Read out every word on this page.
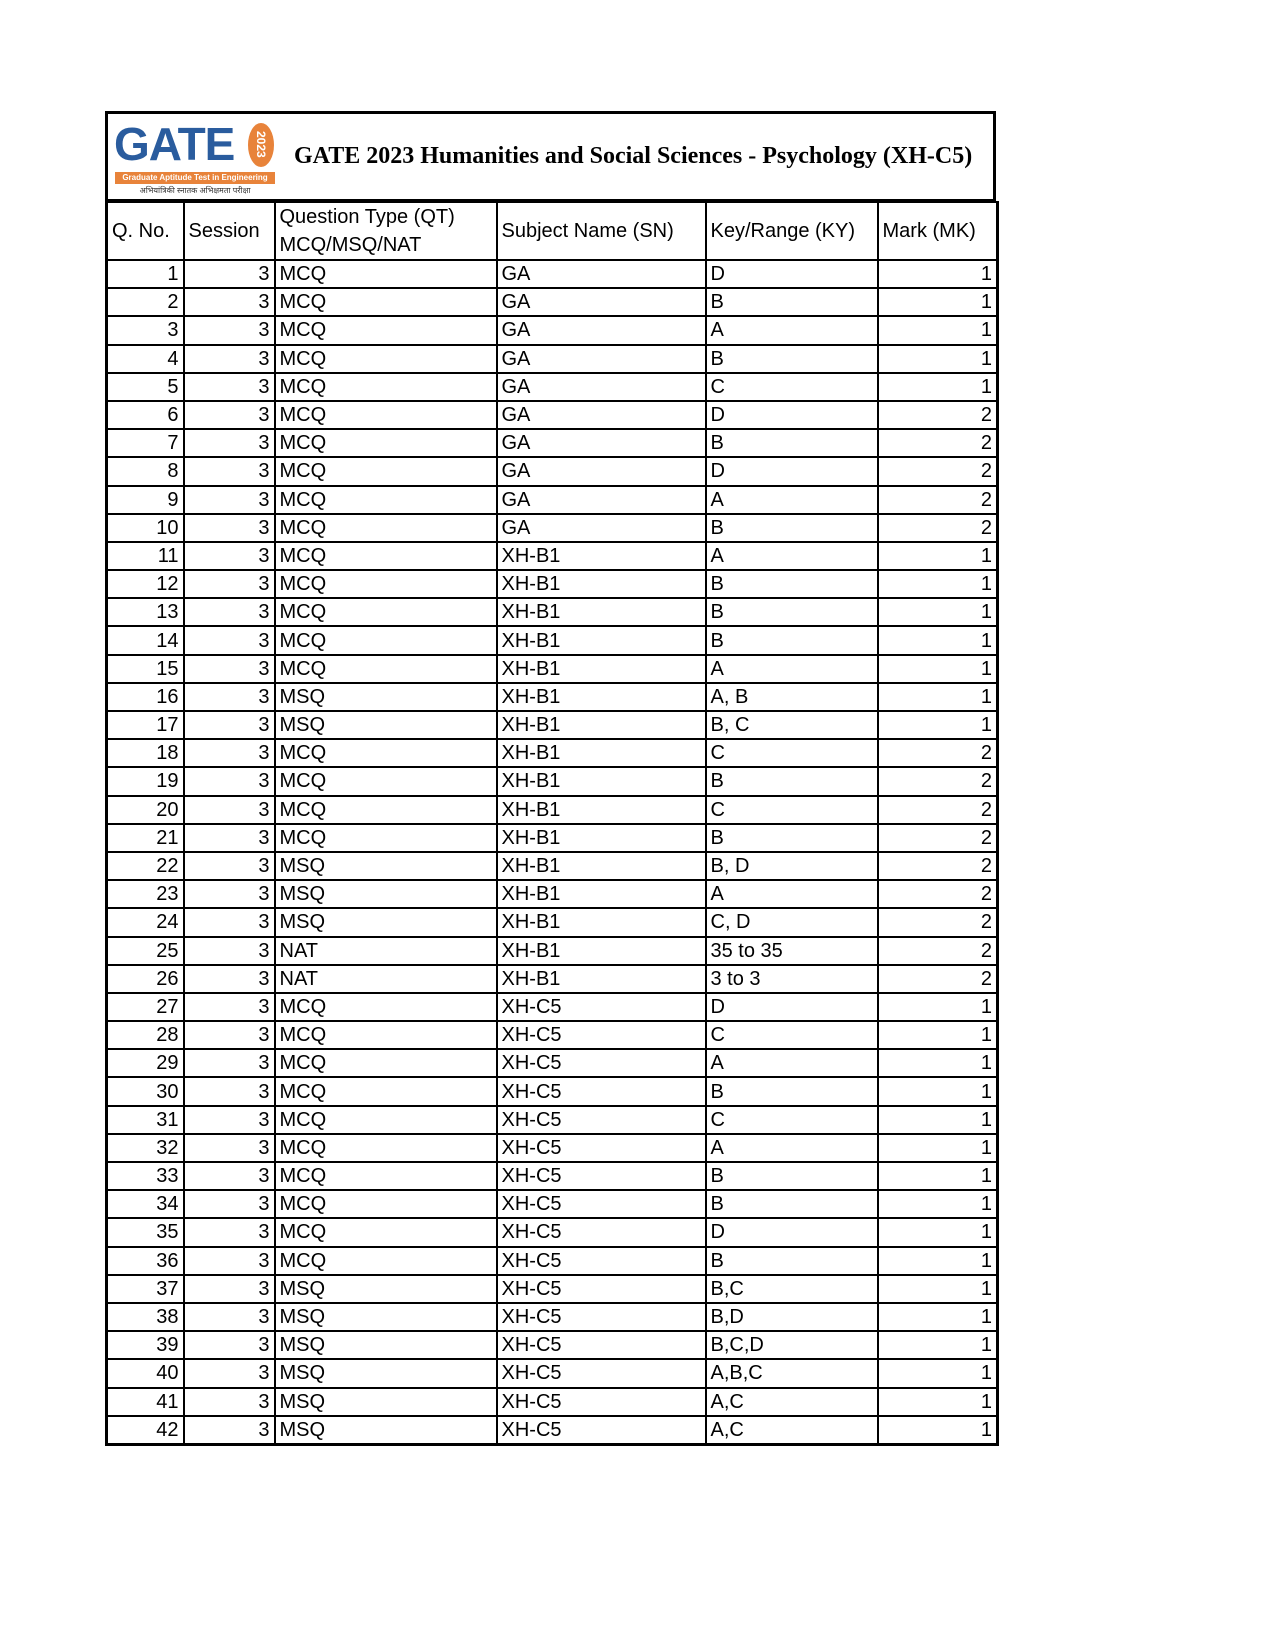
GATE	2023
Graduate Aptitude Test in Engineering
अभियांत्रिकी स्नातक अभिक्षमता परीक्षा
GATE 2023 Humanities and Social Sciences - Psychology (XH-C5)
Q. No.	Session	Question Type (QT) MCQ/MSQ/NAT	Subject Name (SN)	Key/Range (KY)	Mark (MK)
1	3	MCQ	GA	D	1
2	3	MCQ	GA	B	1
3	3	MCQ	GA	A	1
4	3	MCQ	GA	B	1
5	3	MCQ	GA	C	1
6	3	MCQ	GA	D	2
7	3	MCQ	GA	B	2
8	3	MCQ	GA	D	2
9	3	MCQ	GA	A	2
10	3	MCQ	GA	B	2
11	3	MCQ	XH-B1	A	1
12	3	MCQ	XH-B1	B	1
13	3	MCQ	XH-B1	B	1
14	3	MCQ	XH-B1	B	1
15	3	MCQ	XH-B1	A	1
16	3	MSQ	XH-B1	A, B	1
17	3	MSQ	XH-B1	B, C	1
18	3	MCQ	XH-B1	C	2
19	3	MCQ	XH-B1	B	2
20	3	MCQ	XH-B1	C	2
21	3	MCQ	XH-B1	B	2
22	3	MSQ	XH-B1	B, D	2
23	3	MSQ	XH-B1	A	2
24	3	MSQ	XH-B1	C, D	2
25	3	NAT	XH-B1	35 to 35	2
26	3	NAT	XH-B1	3 to 3	2
27	3	MCQ	XH-C5	D	1
28	3	MCQ	XH-C5	C	1
29	3	MCQ	XH-C5	A	1
30	3	MCQ	XH-C5	B	1
31	3	MCQ	XH-C5	C	1
32	3	MCQ	XH-C5	A	1
33	3	MCQ	XH-C5	B	1
34	3	MCQ	XH-C5	B	1
35	3	MCQ	XH-C5	D	1
36	3	MCQ	XH-C5	B	1
37	3	MSQ	XH-C5	B,C	1
38	3	MSQ	XH-C5	B,D	1
39	3	MSQ	XH-C5	B,C,D	1
40	3	MSQ	XH-C5	A,B,C	1
41	3	MSQ	XH-C5	A,C	1
42	3	MSQ	XH-C5	A,C	1
